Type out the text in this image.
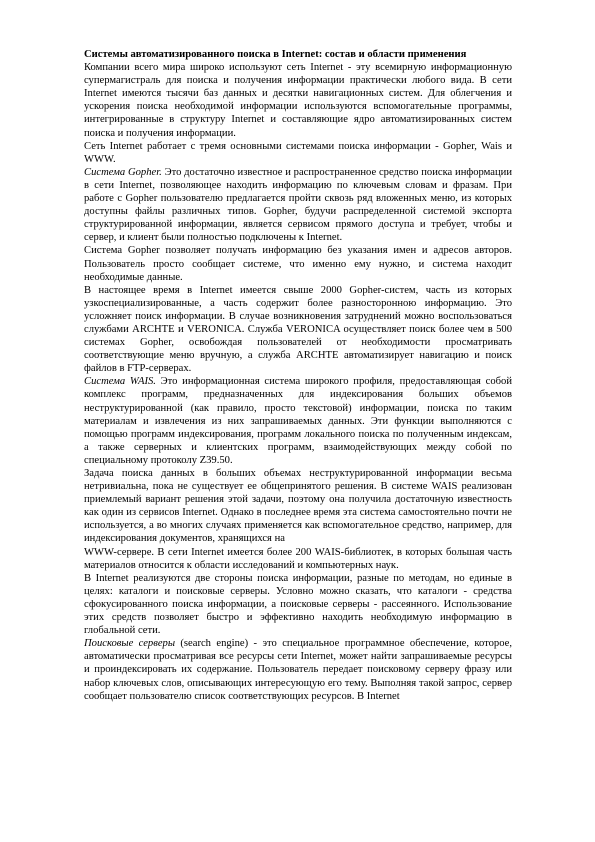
Системы автоматизированного поиска в Internet: состав и области применения

Компании всего мира широко используют сеть Internet - эту всемирную информационную супермагистраль для поиска и получения информации практически любого вида. В сети Internet имеются тысячи баз данных и десятки навигационных систем. Для облегчения и ускорения поиска необходимой информации используются вспомогательные программы, интегрированные в структуру Internet и составляющие ядро автоматизированных систем поиска и получения информации.

Сеть Internet работает с тремя основными системами поиска информации - Gopher, Wais и WWW.

Система Gopher. Это достаточно известное и распространенное средство поиска информации в сети Internet, позволяющее находить информацию по ключевым словам и фразам. При работе с Gopher пользователю предлагается пройти сквозь ряд вложенных меню, из которых доступны файлы различных типов. Gopher, будучи распределенной системой экспорта структурированной информации, является сервисом прямого доступа и требует, чтобы и сервер, и клиент были полностью подключены к Internet.

Система Gopher позволяет получать информацию без указания имен и адресов авторов. Пользователь просто сообщает системе, что именно ему нужно, и система находит необходимые данные.

В настоящее время в Internet имеется свыше 2000 Gopher-систем, часть из которых узкоспециализированные, а часть содержит более разносторонною информацию. Это усложняет поиск информации. В случае возникновения затруднений можно воспользоваться службами ARCHTE и VERONICA. Служба VERONICA осуществляет поиск более чем в 500 системах Gopher, освобождая пользователей от необходимости просматривать соответствующие меню вручную, а служба ARCHTE автоматизирует навигацию и поиск файлов в FTP-серверах.

Система WAIS. Это информационная система широкого профиля, предоставляющая собой комплекс программ, предназначенных для индексирования больших объемов неструктурированной (как правило, просто текстовой) информации, поиска по таким материалам и извлечения из них запрашиваемых данных. Эти функции выполняются с помощью программ индексирования, программ локального поиска по полученным индексам, а также серверных и клиентских программ, взаимодействующих между собой по специальному протоколу Z39.50.

Задача поиска данных в больших объемах неструктурированной информации весьма нетривиальна, пока не существует ее общепринятого решения. В системе WAIS реализован приемлемый вариант решения этой задачи, поэтому она получила достаточную известность как один из сервисов Internet. Однако в последнее время эта система самостоятельно почти не используется, а во многих случаях применяется как вспомогательное средство, например, для индексирования документов, хранящихся на

WWW-сервере. В сети Internet имеется более 200 WAIS-библиотек, в которых большая часть материалов относится к области исследований и компьютерных наук.

В Internet реализуются две стороны поиска информации, разные по методам, но единые в целях: каталоги и поисковые серверы. Условно можно сказать, что каталоги - средства сфокусированного поиска информации, а поисковые серверы - рассеянного. Использование этих средств позволяет быстро и эффективно находить необходимую информацию в глобальной сети.

Поисковые серверы (search engine) - это специальное программное обеспечение, которое, автоматически просматривая все ресурсы сети Internet, может найти запрашиваемые ресурсы и проиндексировать их содержание. Пользователь передает поисковому серверу фразу или набор ключевых слов, описывающих интересующую его тему. Выполняя такой запрос, сервер сообщает пользователю список соответствующих ресурсов. В Internet
